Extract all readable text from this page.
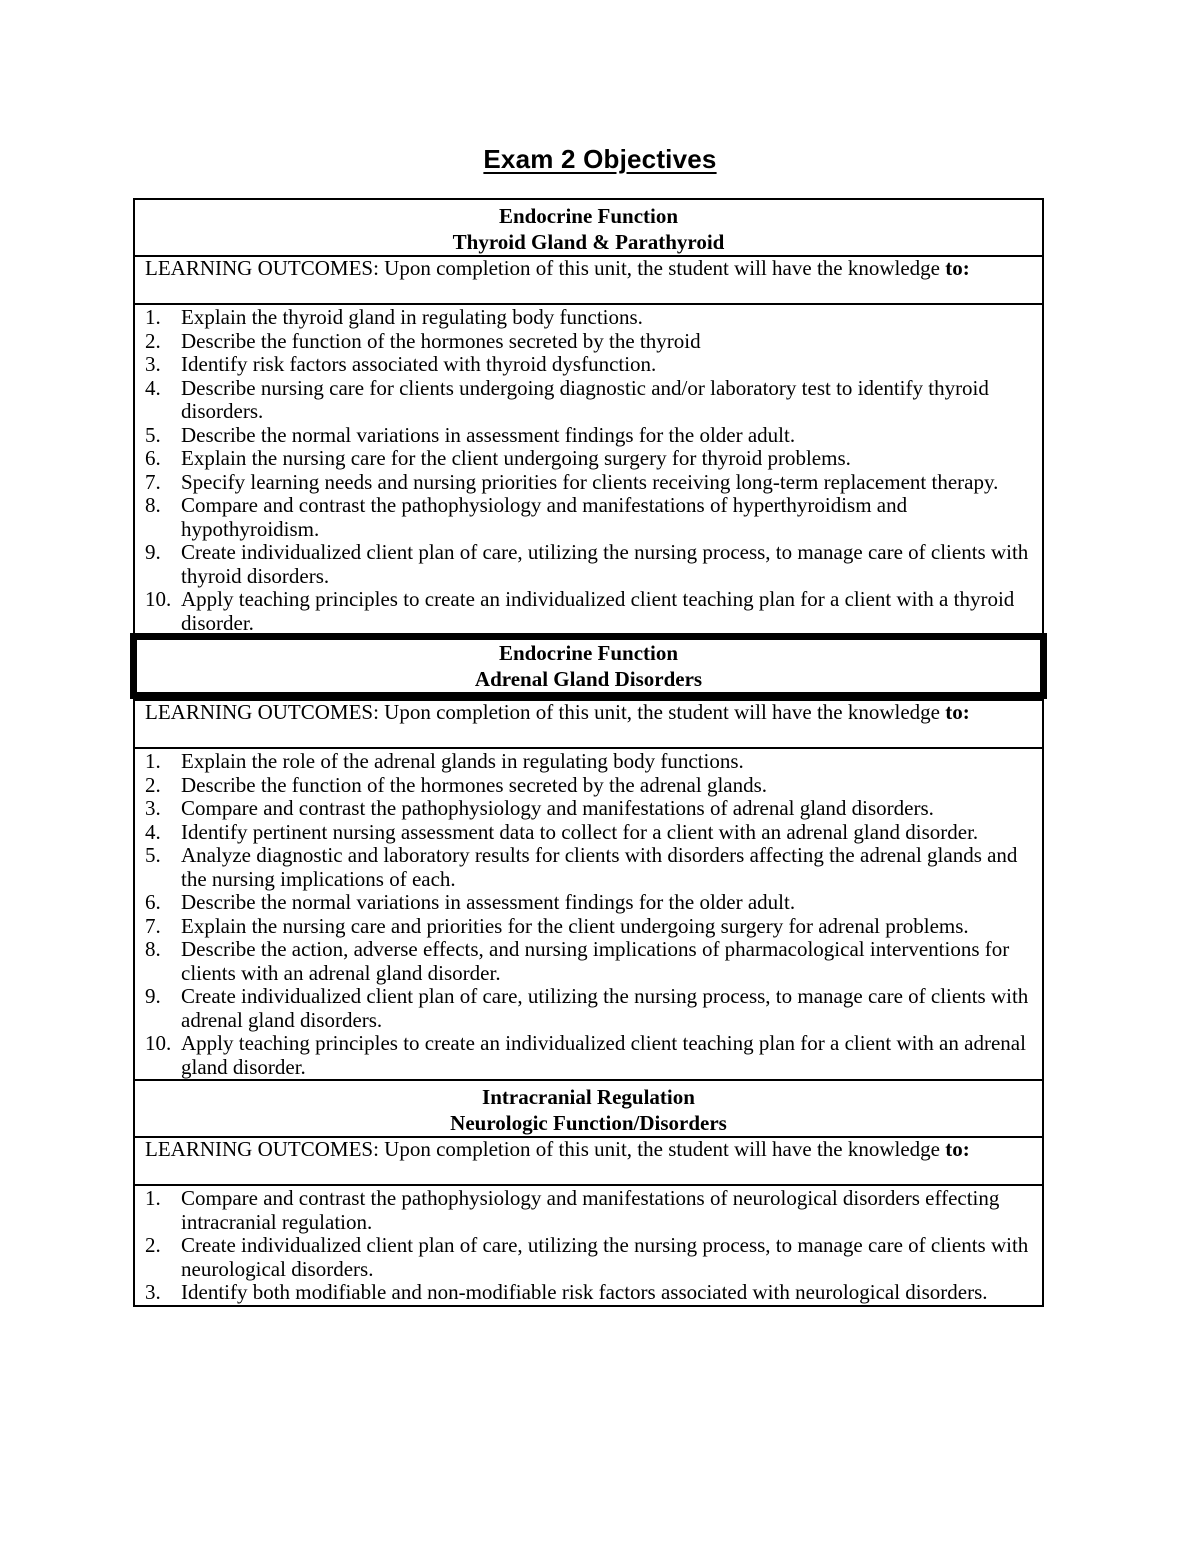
Exam 2 Objectives
Endocrine Function
Thyroid Gland & Parathyroid
LEARNING OUTCOMES: Upon completion of this unit, the student will have the knowledge to:
1. Explain the thyroid gland in regulating body functions.
2. Describe the function of the hormones secreted by the thyroid
3. Identify risk factors associated with thyroid dysfunction.
4. Describe nursing care for clients undergoing diagnostic and/or laboratory test to identify thyroid disorders.
5. Describe the normal variations in assessment findings for the older adult.
6. Explain the nursing care for the client undergoing surgery for thyroid problems.
7. Specify learning needs and nursing priorities for clients receiving long-term replacement therapy.
8. Compare and contrast the pathophysiology and manifestations of hyperthyroidism and hypothyroidism.
9. Create individualized client plan of care, utilizing the nursing process, to manage care of clients with thyroid disorders.
10. Apply teaching principles to create an individualized client teaching plan for a client with a thyroid disorder.
Endocrine Function
Adrenal Gland Disorders
LEARNING OUTCOMES: Upon completion of this unit, the student will have the knowledge to:
1. Explain the role of the adrenal glands in regulating body functions.
2. Describe the function of the hormones secreted by the adrenal glands.
3. Compare and contrast the pathophysiology and manifestations of adrenal gland disorders.
4. Identify pertinent nursing assessment data to collect for a client with an adrenal gland disorder.
5. Analyze diagnostic and laboratory results for clients with disorders affecting the adrenal glands and the nursing implications of each.
6. Describe the normal variations in assessment findings for the older adult.
7. Explain the nursing care and priorities for the client undergoing surgery for adrenal problems.
8. Describe the action, adverse effects, and nursing implications of pharmacological interventions for clients with an adrenal gland disorder.
9. Create individualized client plan of care, utilizing the nursing process, to manage care of clients with adrenal gland disorders.
10. Apply teaching principles to create an individualized client teaching plan for a client with an adrenal gland disorder.
Intracranial Regulation
Neurologic Function/Disorders
LEARNING OUTCOMES: Upon completion of this unit, the student will have the knowledge to:
1. Compare and contrast the pathophysiology and manifestations of neurological disorders effecting intracranial regulation.
2. Create individualized client plan of care, utilizing the nursing process, to manage care of clients with neurological disorders.
3. Identify both modifiable and non-modifiable risk factors associated with neurological disorders.
